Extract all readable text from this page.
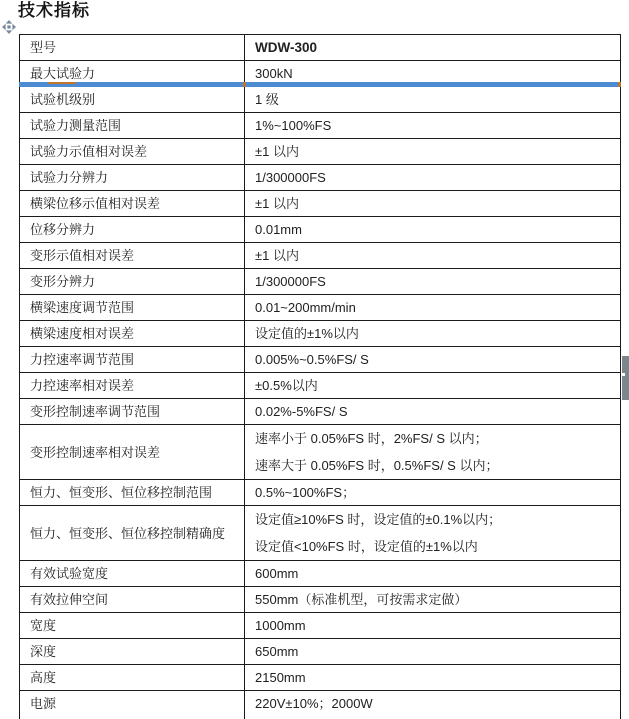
技术指标
型号	WDW-300

最大试验力	300kN

试验机级别	1 级

试验力测量范围	1%~100%FS

试验力示值相对误差	±1 以内

试验力分辨力	1/300000FS

横梁位移示值相对误差	±1 以内

位移分辨力	0.01mm

变形示值相对误差	±1 以内

变形分辨力	1/300000FS

横梁速度调节范围	0.01~200mm/min

横梁速度相对误差	设定值的±1%以内

力控速率调节范围	0.005%~0.5%FS/ S

力控速率相对误差	±0.5%以内

变形控制速率调节范围	0.02%-5%FS/ S

变形控制速率相对误差	速率小于 0.05%FS 时，2%FS/ S 以内；
速率大于 0.05%FS 时，0.5%FS/ S 以内；

恒力、恒变形、恒位移控制范围	0.5%~100%FS；

恒力、恒变形、恒位移控制精确度	设定值≥10%FS 时，设定值的±0.1%以内；
设定值<10%FS 时，设定值的±1%以内

有效试验宽度	600mm

有效拉伸空间	550mm（标准机型，可按需求定做）

宽度	1000mm

深度	650mm

高度	2150mm

电源	220V±10%；2000W
